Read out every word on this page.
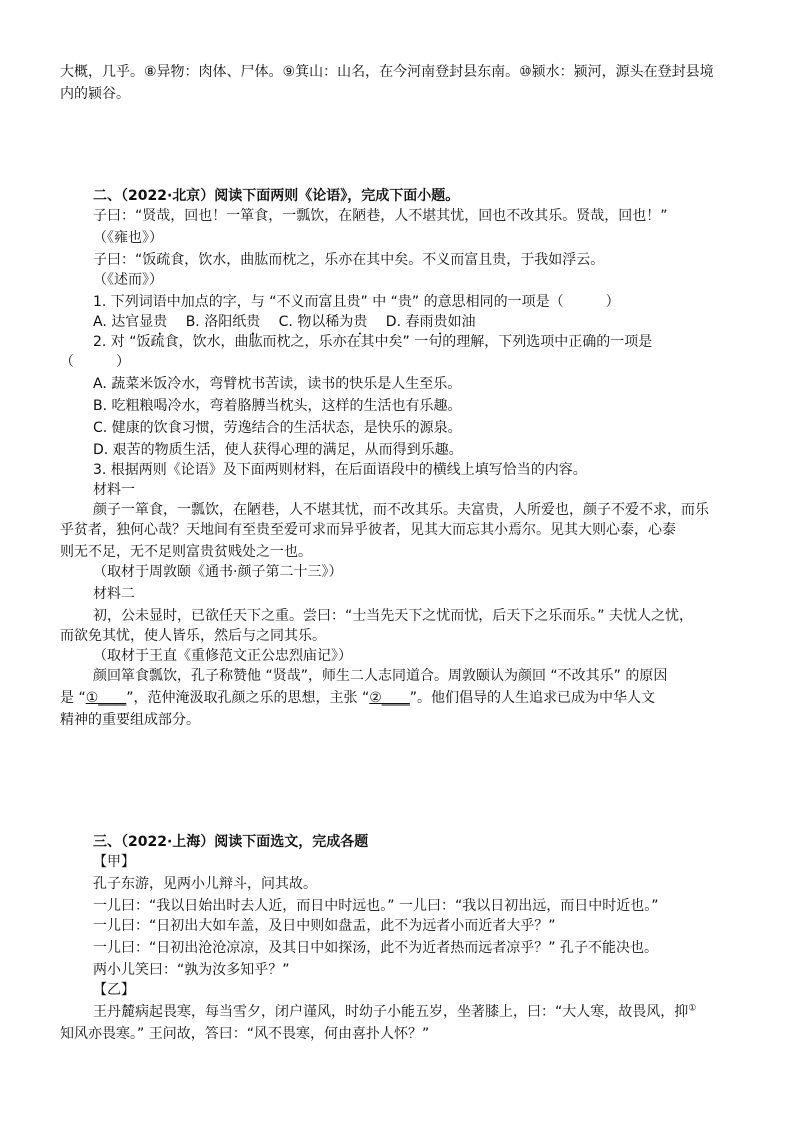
大概，几乎。⑧异物：肉体、尸体。⑨箕山：山名，在今河南登封县东南。⑩颍水：颍河，源头在登封县境
内的颍谷。
二、（2022·北京）阅读下面两则《论语》，完成下面小题。
子曰：“贤哉，回也！一箪食，一瓢饮，在陋巷，人不堪其忧，回也不改其乐。贤哉，回也！”
（《雍也》）
子曰：“饭疏食，饮水，曲肱而枕之，乐亦在其中矣。不义而富且贵，于我如浮云。
（《述而》）
1. 下列词语中加点的字，与 “不义而富且贵” 中 “贵” 的意思相同的一项是（　　　）
A. 达官显贵　 B. 洛阳纸贵  C. 物以稀为贵  D. 春雨贵如油
2. 对 “饭疏食，饮水，曲肱而枕之，乐亦在其中矣” 一句的理解，下列选项中正确的一项是
（　　　）
A. 蔬菜米饭冷水，弯臂枕书苦读，读书的快乐是人生至乐。
B. 吃粗粮喝冷水，弯着胳膊当枕头，这样的生活也有乐趣。
C. 健康的饮食习惯，劳逸结合的生活状态，是快乐的源泉。
D. 艰苦的物质生活，使人获得心理的满足，从而得到乐趣。
3. 根据两则《论语》及下面两则材料，在后面语段中的横线上填写恰当的内容。
材料一
颜子一箪食，一瓢饮，在陋巷，人不堪其忧，而不改其乐。夫富贵，人所爱也，颜子不爱不求，而乐
乎贫者，独何心哉？天地间有至贵至爱可求而异乎彼者，见其大而忘其小焉尔。见其大则心泰，心泰
则无不足，无不足则富贵贫贱处之一也。
（取材于周敦颐《通书·颜子第二十三》）
材料二
初，公未显时，已欲任天下之重。尝曰：“士当先天下之忧而忧，后天下之乐而乐。” 夫忧人之忧，
而欲免其忧，使人皆乐，然后与之同其乐。
（取材于王直《重修范文正公忠烈庙记》）
颜回箪食瓢饮，孔子称赞他 “贤哉”，师生二人志同道合。周敦颐认为颜回 “不改其乐” 的原因
是 “①____”，范仲淹汲取孔颜之乐的思想，主张 “②____”。他们倡导的人生追求已成为中华人文
精神的重要组成部分。
三、（2022·上海）阅读下面选文，完成各题
【甲】
孔子东游，见两小儿辩斗，问其故。
一儿曰：“我以日始出时去人近，而日中时远也。” 一儿曰：“我以日初出远，而日中时近也。”
一儿曰：“日初出大如车盖，及日中则如盘盂，此不为远者小而近者大乎？”
一儿曰：“日初出沧沧凉凉，及其日中如探汤，此不为近者热而远者凉乎？” 孔子不能决也。
两小儿笑曰：“孰为汝多知乎？”
【乙】
王丹麓病起畏寒，每当雪夕，闭户谨风，时幼子小能五岁，坐著膝上，曰：“大人寒，故畏风，抑①
知风亦畏寒。” 王问故，答曰：“风不畏寒，何由喜扑人怀？”
